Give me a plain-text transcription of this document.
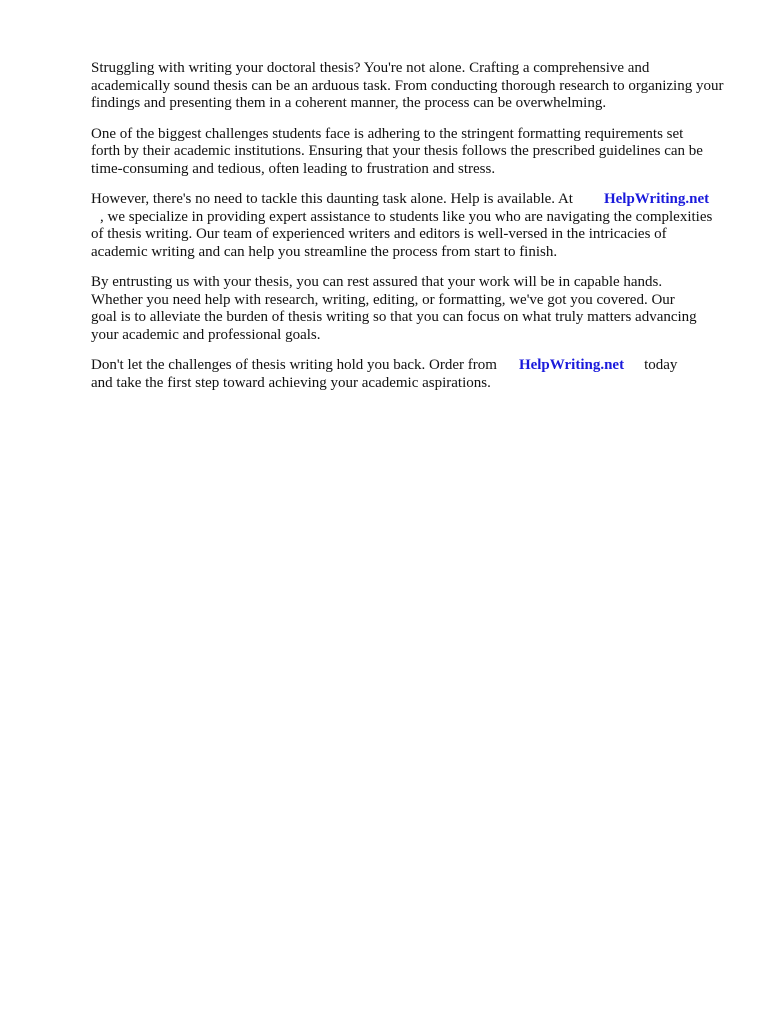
Struggling with writing your doctoral thesis? You're not alone. Crafting a comprehensive and academically sound thesis can be an arduous task. From conducting thorough research to organizing your findings and presenting them in a coherent manner, the process can be overwhelming.

One of the biggest challenges students face is adhering to the stringent formatting requirements set forth by their academic institutions. Ensuring that your thesis follows the prescribed guidelines can be time-consuming and tedious, often leading to frustration and stress.

However, there's no need to tackle this daunting task alone. Help is available. At HelpWriting.net
, we specialize in providing expert assistance to students like you who are navigating the complexities of thesis writing. Our team of experienced writers and editors is well-versed in the intricacies of academic writing and can help you streamline the process from start to finish.

By entrusting us with your thesis, you can rest assured that your work will be in capable hands. Whether you need help with research, writing, editing, or formatting, we've got you covered. Our goal is to alleviate the burden of thesis writing so that you can focus on what truly matters advancing your academic and professional goals.

Don't let the challenges of thesis writing hold you back. Order from HelpWriting.net today
and take the first step toward achieving your academic aspirations.
